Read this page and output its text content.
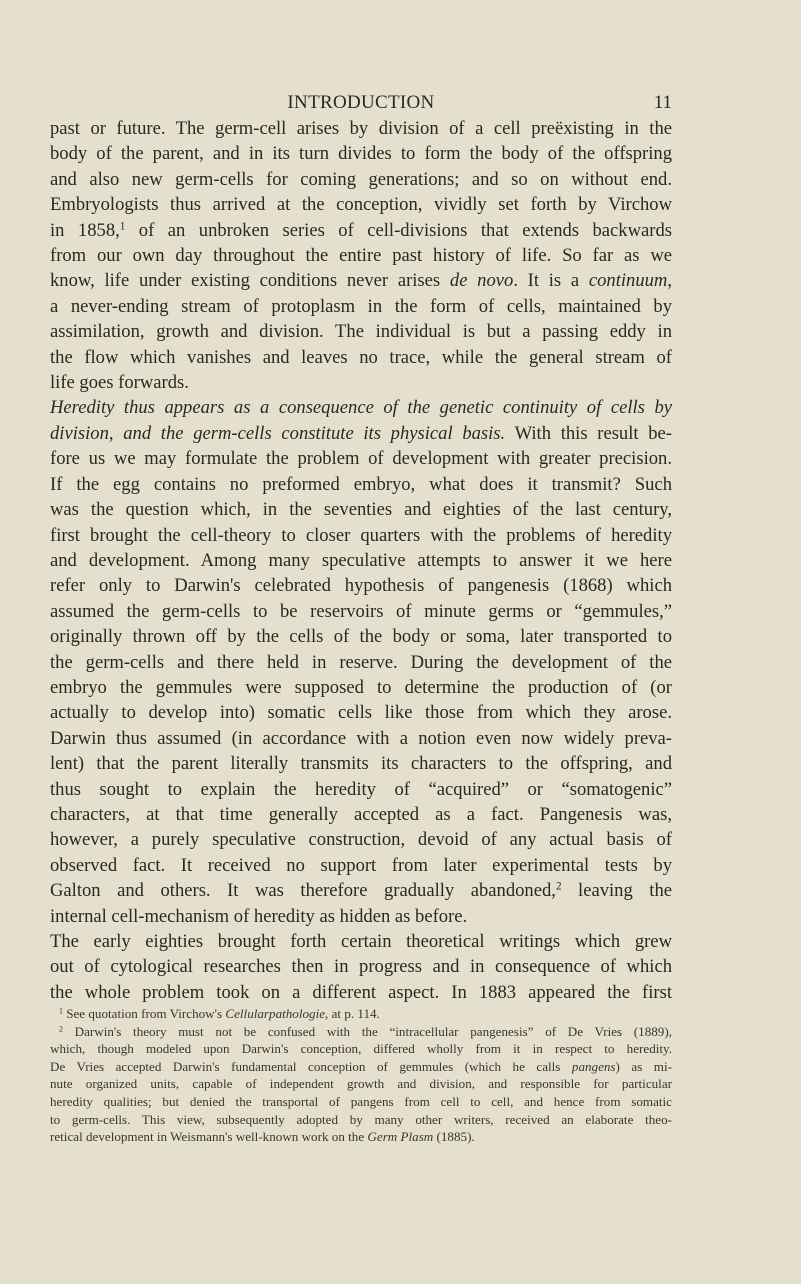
INTRODUCTION	11
past or future. The germ-cell arises by division of a cell preëxisting in the
body of the parent, and in its turn divides to form the body of the offspring
and also new germ-cells for coming generations; and so on without end.
Embryologists thus arrived at the conception, vividly set forth by Virchow
in 1858,$^1$ of an unbroken series of cell-divisions that extends backwards
from our own day throughout the entire past history of life. So far as we
know, life under existing conditions never arises de novo. It is a continuum,
a never-ending stream of protoplasm in the form of cells, maintained by
assimilation, growth and division. The individual is but a passing eddy in
the flow which vanishes and leaves no trace, while the general stream of
life goes forwards.
Heredity thus appears as a consequence of the genetic continuity of cells by
division, and the germ-cells constitute its physical basis. With this result be-
fore us we may formulate the problem of development with greater precision.
If the egg contains no preformed embryo, what does it transmit? Such
was the question which, in the seventies and eighties of the last century,
first brought the cell-theory to closer quarters with the problems of heredity
and development. Among many speculative attempts to answer it we here
refer only to Darwin's celebrated hypothesis of pangenesis (1868) which
assumed the germ-cells to be reservoirs of minute germs or “gemmules,”
originally thrown off by the cells of the body or soma, later transported to
the germ-cells and there held in reserve. During the development of the
embryo the gemmules were supposed to determine the production of (or
actually to develop into) somatic cells like those from which they arose.
Darwin thus assumed (in accordance with a notion even now widely preva-
lent) that the parent literally transmits its characters to the offspring, and
thus sought to explain the heredity of “acquired” or “somatogenic”
characters, at that time generally accepted as a fact. Pangenesis was,
however, a purely speculative construction, devoid of any actual basis of
observed fact. It received no support from later experimental tests by
Galton and others. It was therefore gradually abandoned,$^2$ leaving the
internal cell-mechanism of heredity as hidden as before.
The early eighties brought forth certain theoretical writings which grew
out of cytological researches then in progress and in consequence of which
the whole problem took on a different aspect. In 1883 appeared the first
$^1$ See quotation from Virchow's Cellularpathologie, at p. 114.
$^2$ Darwin's theory must not be confused with the “intracellular pangenesis” of De Vries (1889),
which, though modeled upon Darwin's conception, differed wholly from it in respect to heredity.
De Vries accepted Darwin's fundamental conception of gemmules (which he calls pangens) as mi-
nute organized units, capable of independent growth and division, and responsible for particular
heredity qualities; but denied the transportal of pangens from cell to cell, and hence from somatic
to germ-cells. This view, subsequently adopted by many other writers, received an elaborate theo-
retical development in Weismann's well-known work on the Germ Plasm (1885).
